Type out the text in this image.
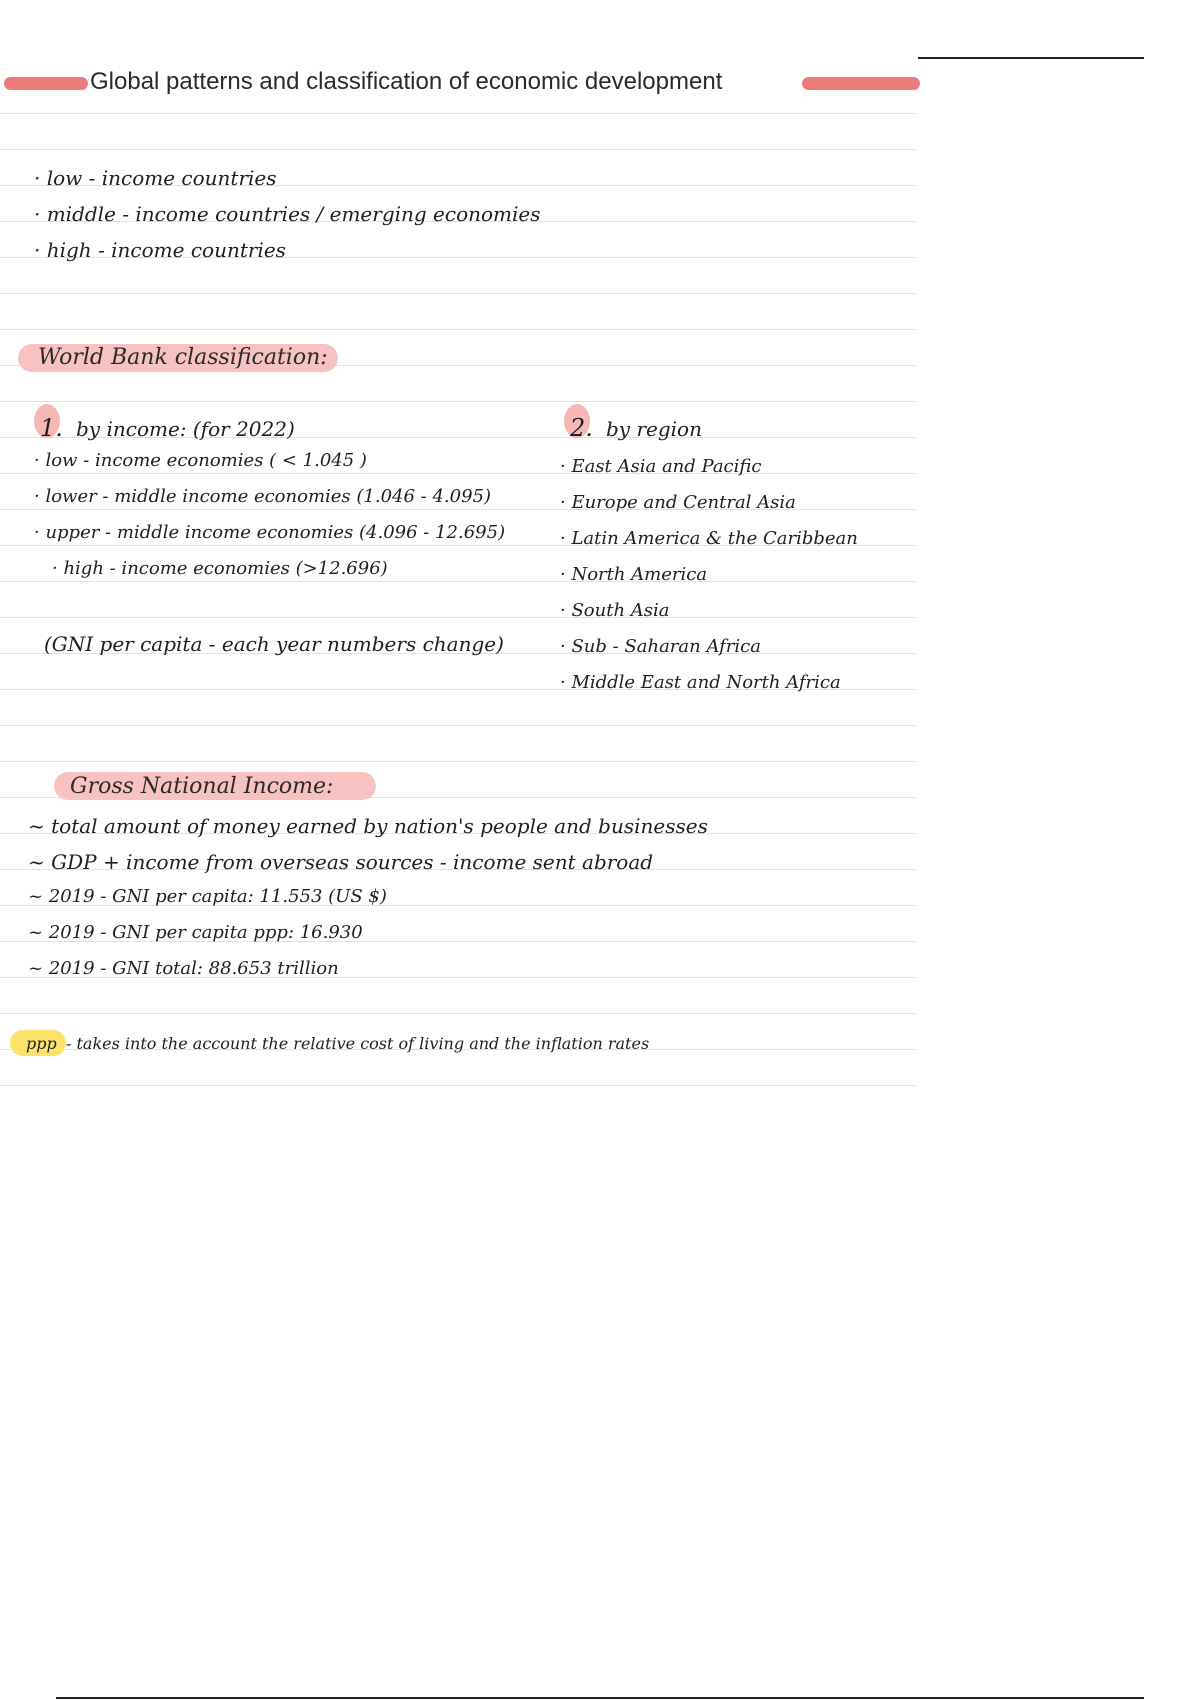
Global patterns and classification of economic development
· low - income countries
· middle - income countries / emerging economies
· high - income countries
World Bank classification:
1. by income: (for 2022)
· low - income economies ( < 1.045 )
· lower - middle income economies (1.046 - 4.095)
· upper - middle income economies (4.096 - 12.695)
· high - income economies (>12.696)
(GNI per capita - each year numbers change)
2. by region
· East Asia and Pacific
· Europe and Central Asia
· Latin America & the Caribbean
· North America
· South Asia
· Sub - Saharan Africa
· Middle East and North Africa
Gross National Income:
~ total amount of money earned by nation's people and businesses
~ GDP + income from overseas sources - income sent abroad
~ 2019 - GNI per capita: 11.553 (US $)
~ 2019 - GNI per capita ppp: 16.930
~ 2019 - GNI total: 88.653 trillion
ppp - takes into the account the relative cost of living and the inflation rates
